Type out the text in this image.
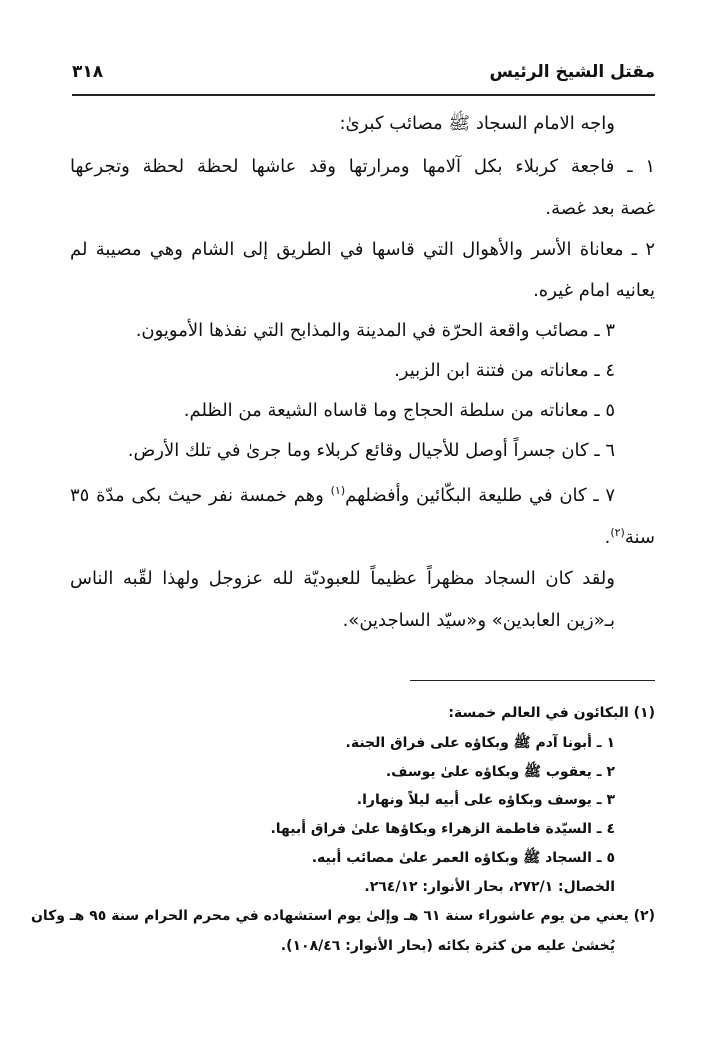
٣١٨	مقتل الشيخ الرئيس
واجه الامام السجاد ﷺ مصائب كبرىٰ:
١ ـ فاجعة كربلاء بكل آلامها ومرارتها وقد عاشها لحظة لحظة وتجرعها
غصة بعد غصة.
٢ ـ معاناة الأسر والأهوال التي قاسها في الطريق إلى الشام وهي مصيبة لم
يعانيه امام غيره.
٣ ـ مصائب واقعة الحرّة في المدينة والمذابح التي نفذها الأمويون.
٤ ـ معاناته من فتنة ابن الزبير.
٥ ـ معاناته من سلطة الحجاج وما قاساه الشيعة من الظلم.
٦ ـ كان جسراً أوصل للأجيال وقائع كربلاء وما جرىٰ في تلك الأرض.
٧ ـ كان في طليعة البكّائين وأفضلهم$^{(١)}$ وهم خمسة نفر حيث بكى مدّة ٣٥
سنة$^{(٢)}$.
ولقد كان السجاد مظهراً عظيماً للعبوديّة لله عزوجل ولهذا لقّبه الناس
بـ«زين العابدين» و«سيّد الساجدين».
(١) البكائون في العالم خمسة:
١ ـ أبونا آدم ﷺ وبكاؤه على فراق الجنة.
٢ ـ يعقوب ﷺ وبكاؤه علىٰ يوسف.
٣ ـ يوسف وبكاؤه على أبيه ليلاً ونهارا.
٤ ـ السيّدة فاطمة الزهراء وبكاؤها علىٰ فراق أبيها.
٥ ـ السجاد ﷺ وبكاؤه العمر علىٰ مصائب أبيه.
الخصال: ٢٧٢/١، بحار الأنوار: ٢٦٤/١٢.
(٢) يعني من يوم عاشوراء سنة ٦١ هـ وإلىٰ يوم استشهاده في محرم الحرام سنة ٩٥ هـ وكان
يُخشىٰ عليه من كثرة بكائه (بحار الأنوار: ١٠٨/٤٦).
